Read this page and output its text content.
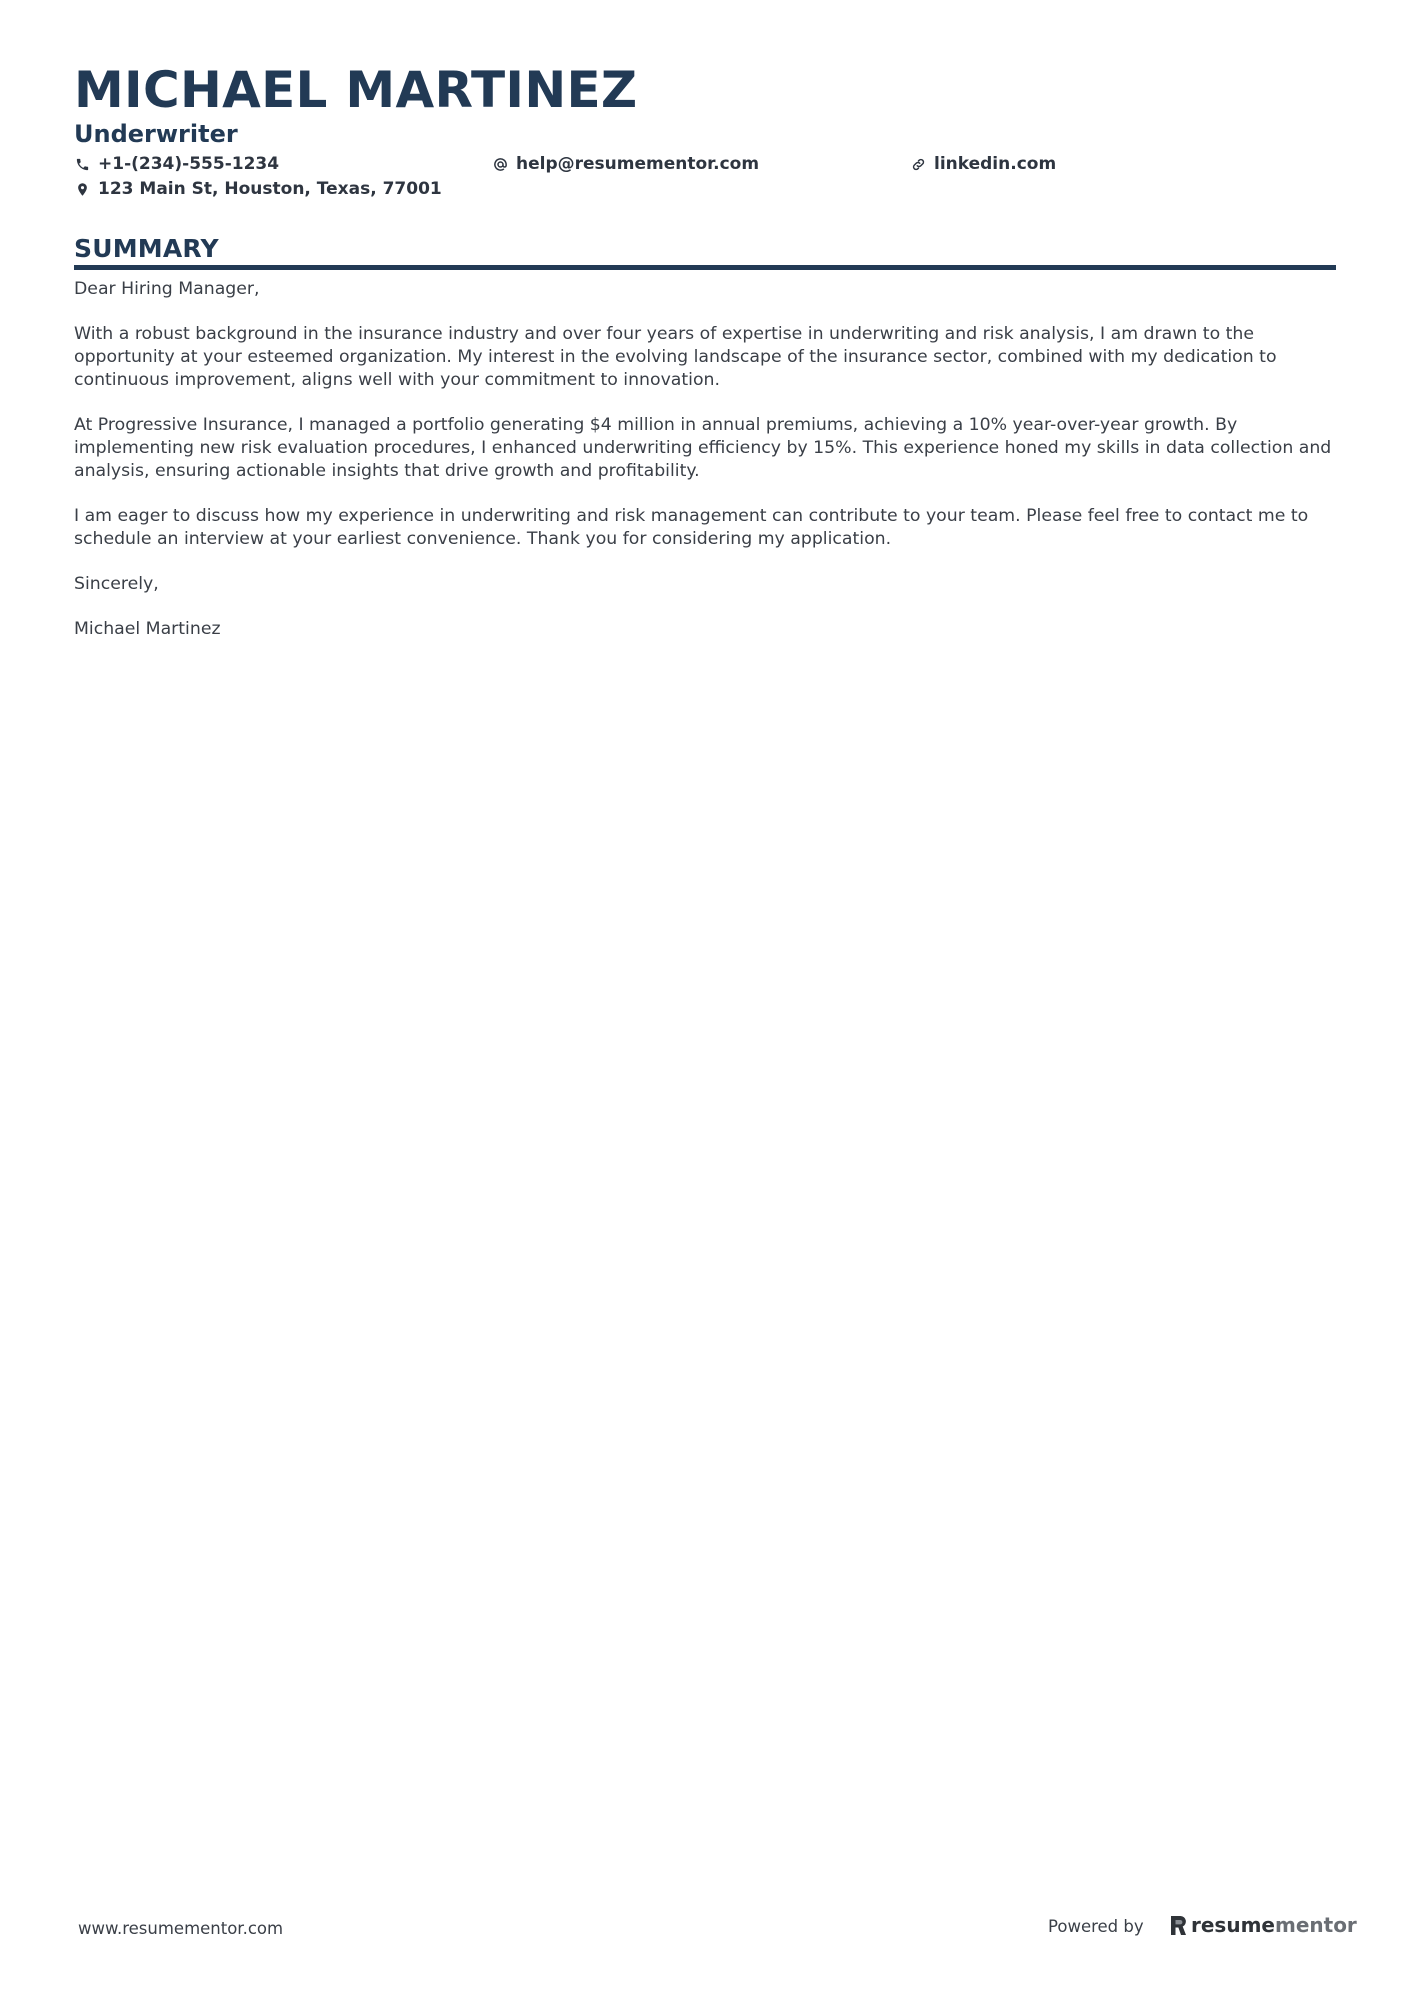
MICHAEL MARTINEZ
Underwriter
+1-(234)-555-1234	help@resumementor.com	linkedin.com
123 Main St, Houston, Texas, 77001
SUMMARY

Dear Hiring Manager,

With a robust background in the insurance industry and over four years of expertise in underwriting and risk analysis, I am drawn to the opportunity at your esteemed organization. My interest in the evolving landscape of the insurance sector, combined with my dedication to continuous improvement, aligns well with your commitment to innovation.

At Progressive Insurance, I managed a portfolio generating $4 million in annual premiums, achieving a 10% year-over-year growth. By implementing new risk evaluation procedures, I enhanced underwriting efficiency by 15%. This experience honed my skills in data collection and analysis, ensuring actionable insights that drive growth and profitability.

I am eager to discuss how my experience in underwriting and risk management can contribute to your team. Please feel free to contact me to schedule an interview at your earliest convenience. Thank you for considering my application.

Sincerely,

Michael Martinez

www.resumementor.com	Powered by resume mentor
